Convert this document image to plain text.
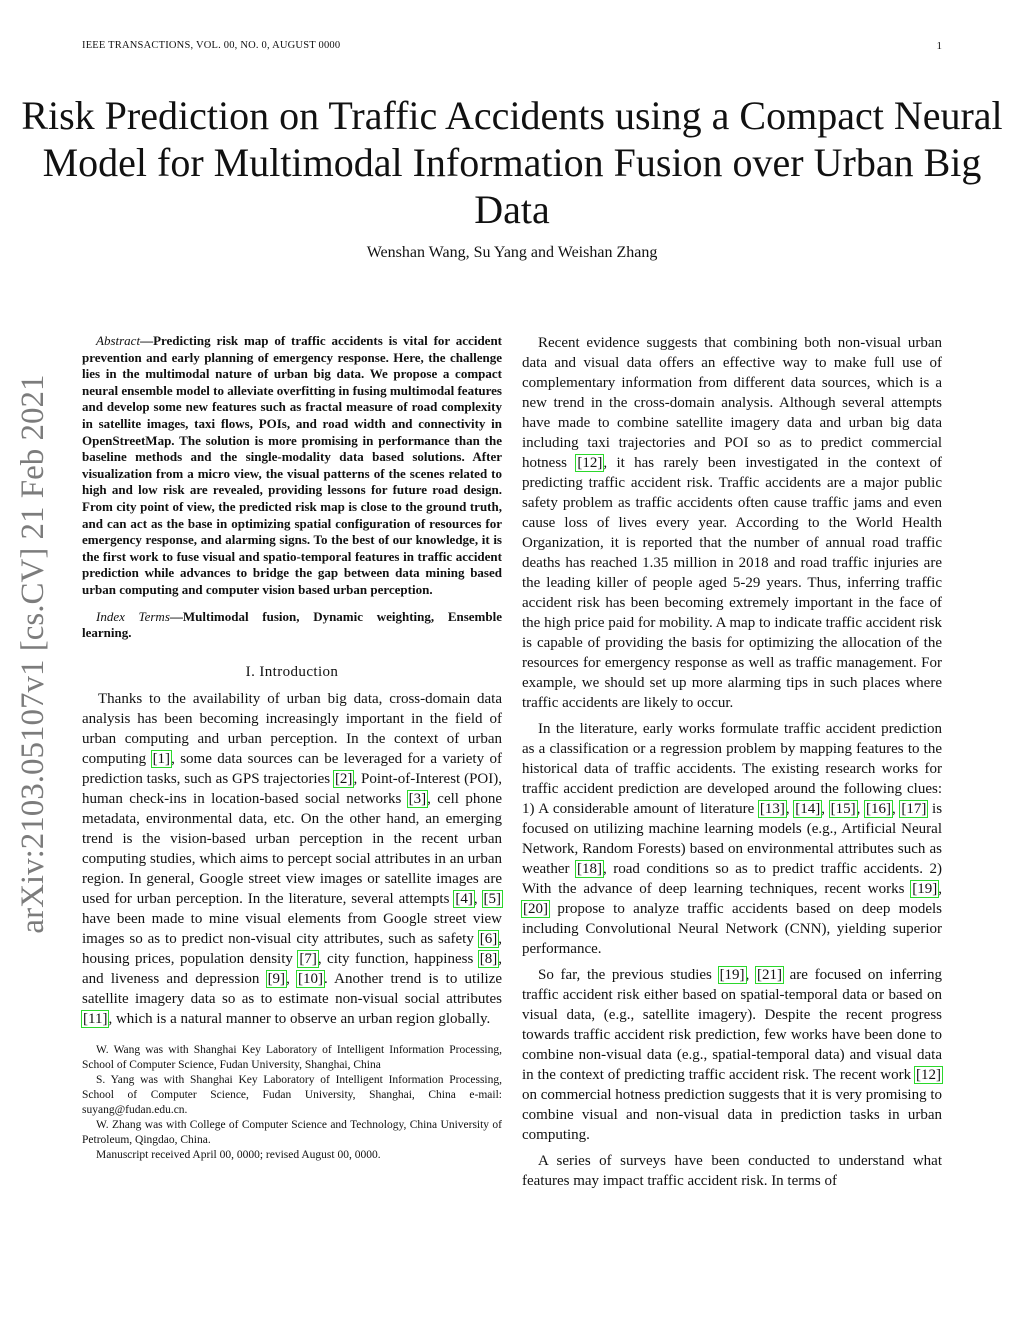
IEEE TRANSACTIONS, VOL. 00, NO. 0, AUGUST 0000	1
Risk Prediction on Traffic Accidents using a Compact Neural Model for Multimodal Information Fusion over Urban Big Data
Wenshan Wang, Su Yang and Weishan Zhang
arXiv:2103.05107v1 [cs.CV] 21 Feb 2021

Abstract—Predicting risk map of traffic accidents is vital for accident prevention and early planning of emergency response. Here, the challenge lies in the multimodal nature of urban big data. We propose a compact neural ensemble model to alleviate overfitting in fusing multimodal features and develop some new features such as fractal measure of road complexity in satellite images, taxi flows, POIs, and road width and connectivity in OpenStreetMap. The solution is more promising in performance than the baseline methods and the single-modality data based solutions. After visualization from a micro view, the visual patterns of the scenes related to high and low risk are revealed, providing lessons for future road design. From city point of view, the predicted risk map is close to the ground truth, and can act as the base in optimizing spatial configuration of resources for emergency response, and alarming signs. To the best of our knowledge, it is the first work to fuse visual and spatio-temporal features in traffic accident prediction while advances to bridge the gap between data mining based urban computing and computer vision based urban perception.

Index Terms—Multimodal fusion, Dynamic weighting, Ensemble learning.

I. Introduction

Thanks to the availability of urban big data, cross-domain data analysis has been becoming increasingly important in the field of urban computing and urban perception. In the context of urban computing [1], some data sources can be leveraged for a variety of prediction tasks, such as GPS trajectories [2], Point-of-Interest (POI), human check-ins in location-based social networks [3], cell phone metadata, environmental data, etc. On the other hand, an emerging trend is the vision-based urban perception in the recent urban computing studies, which aims to percept social attributes in an urban region. In general, Google street view images or satellite images are used for urban perception. In the literature, several attempts [4], [5] have been made to mine visual elements from Google street view images so as to predict non-visual city attributes, such as safety [6], housing prices, population density [7], city function, happiness [8], and liveness and depression [9], [10]. Another trend is to utilize satellite imagery data so as to estimate non-visual social attributes [11], which is a natural manner to observe an urban region globally.

W. Wang was with Shanghai Key Laboratory of Intelligent Information Processing, School of Computer Science, Fudan University, Shanghai, China

S. Yang was with Shanghai Key Laboratory of Intelligent Information Processing, School of Computer Science, Fudan University, Shanghai, China e-mail: suyang@fudan.edu.cn.

W. Zhang was with College of Computer Science and Technology, China University of Petroleum, Qingdao, China.

Manuscript received April 00, 0000; revised August 00, 0000.

Recent evidence suggests that combining both non-visual urban data and visual data offers an effective way to make full use of complementary information from different data sources, which is a new trend in the cross-domain analysis. Although several attempts have made to combine satellite imagery data and urban big data including taxi trajectories and POI so as to predict commercial hotness [12], it has rarely been investigated in the context of predicting traffic accident risk. Traffic accidents are a major public safety problem as traffic accidents often cause traffic jams and even cause loss of lives every year. According to the World Health Organization, it is reported that the number of annual road traffic deaths has reached 1.35 million in 2018 and road traffic injuries are the leading killer of people aged 5-29 years. Thus, inferring traffic accident risk has been becoming extremely important in the face of the high price paid for mobility. A map to indicate traffic accident risk is capable of providing the basis for optimizing the allocation of the resources for emergency response as well as traffic management. For example, we should set up more alarming tips in such places where traffic accidents are likely to occur.

In the literature, early works formulate traffic accident prediction as a classification or a regression problem by mapping features to the historical data of traffic accidents. The existing research works for traffic accident prediction are developed around the following clues: 1) A considerable amount of literature [13], [14], [15], [16], [17] is focused on utilizing machine learning models (e.g., Artificial Neural Network, Random Forests) based on environmental attributes such as weather [18], road conditions so as to predict traffic accidents. 2) With the advance of deep learning techniques, recent works [19], [20] propose to analyze traffic accidents based on deep models including Convolutional Neural Network (CNN), yielding superior performance.

So far, the previous studies [19], [21] are focused on inferring traffic accident risk either based on spatial-temporal data or based on visual data, (e.g., satellite imagery). Despite the recent progress towards traffic accident risk prediction, few works have been done to combine non-visual data (e.g., spatial-temporal data) and visual data in the context of predicting traffic accident risk. The recent work [12] on commercial hotness prediction suggests that it is very promising to combine visual and non-visual data in prediction tasks in urban computing.

A series of surveys have been conducted to understand what features may impact traffic accident risk. In terms of
